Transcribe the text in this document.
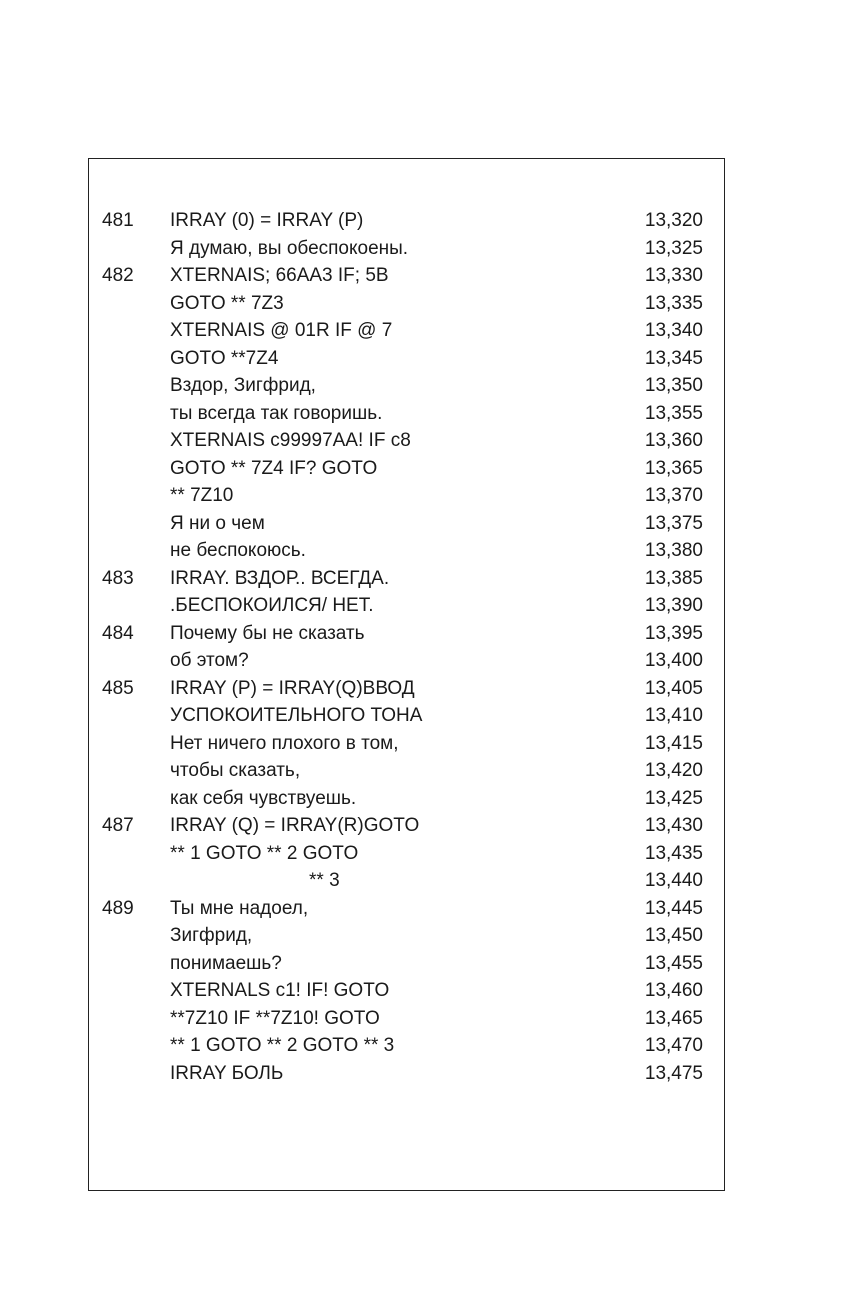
481 IRRAY (0) = IRRAY (P)	13,320
Я думаю, вы обеспокоены.	13,325
482 XTERNAIS; 66AA3 IF; 5B	13,330
GOTO ** 7Z3	13,335
XTERNAIS @ 01R IF @ 7	13,340
GOTO **7Z4	13,345
Вздор, Зигфрид,	13,350
ты всегда так говоришь.	13,355
XTERNAIS c99997AA! IF c8	13,360
GOTO ** 7Z4 IF? GOTO	13,365
** 7Z10	13,370
Я ни о чем	13,375
не беспокоюсь.	13,380
483 IRRAY. ВЗДОР.. ВСЕГДА.	13,385
.БЕСПОКОИЛСЯ/ НЕТ.	13,390
484 Почему бы не сказать	13,395
об этом?	13,400
485 IRRAY (P) = IRRAY(Q)ВВОД	13,405
УСПОКОИТЕЛЬНОГО ТОНА	13,410
Нет ничего плохого в том,	13,415
чтобы сказать,	13,420
как себя чувствуешь.	13,425
487 IRRAY (Q) = IRRAY(R)GOTO	13,430
** 1 GOTO ** 2 GOTO	13,435
** 3	13,440
489 Ты мне надоел,	13,445
Зигфрид,	13,450
понимаешь?	13,455
XTERNALS c1! IF! GOTO	13,460
**7Z10 IF **7Z10! GOTO	13,465
** 1 GOTO ** 2 GOTO ** 3	13,470
IRRAY БОЛЬ	13,475
